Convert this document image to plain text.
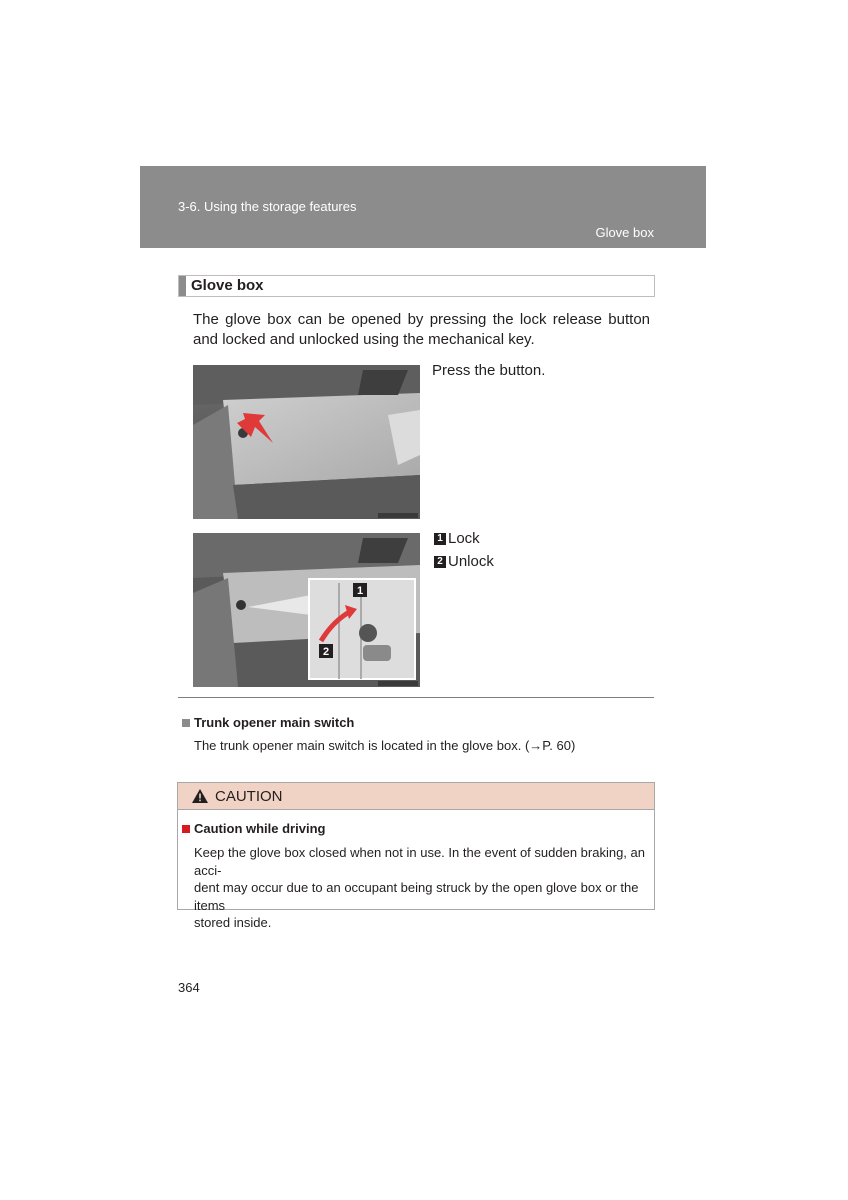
3-6. Using the storage features
Glove box
Glove box
The glove box can be opened by pressing the lock release button and locked and unlocked using the mechanical key.
1
2
Press the button.
1 Lock
2 Unlock
Trunk opener main switch
The trunk opener main switch is located in the glove box. (→P. 60)
CAUTION
Caution while driving
Keep the glove box closed when not in use. In the event of sudden braking, an acci-
dent may occur due to an occupant being struck by the open glove box or the items
stored inside.
364
